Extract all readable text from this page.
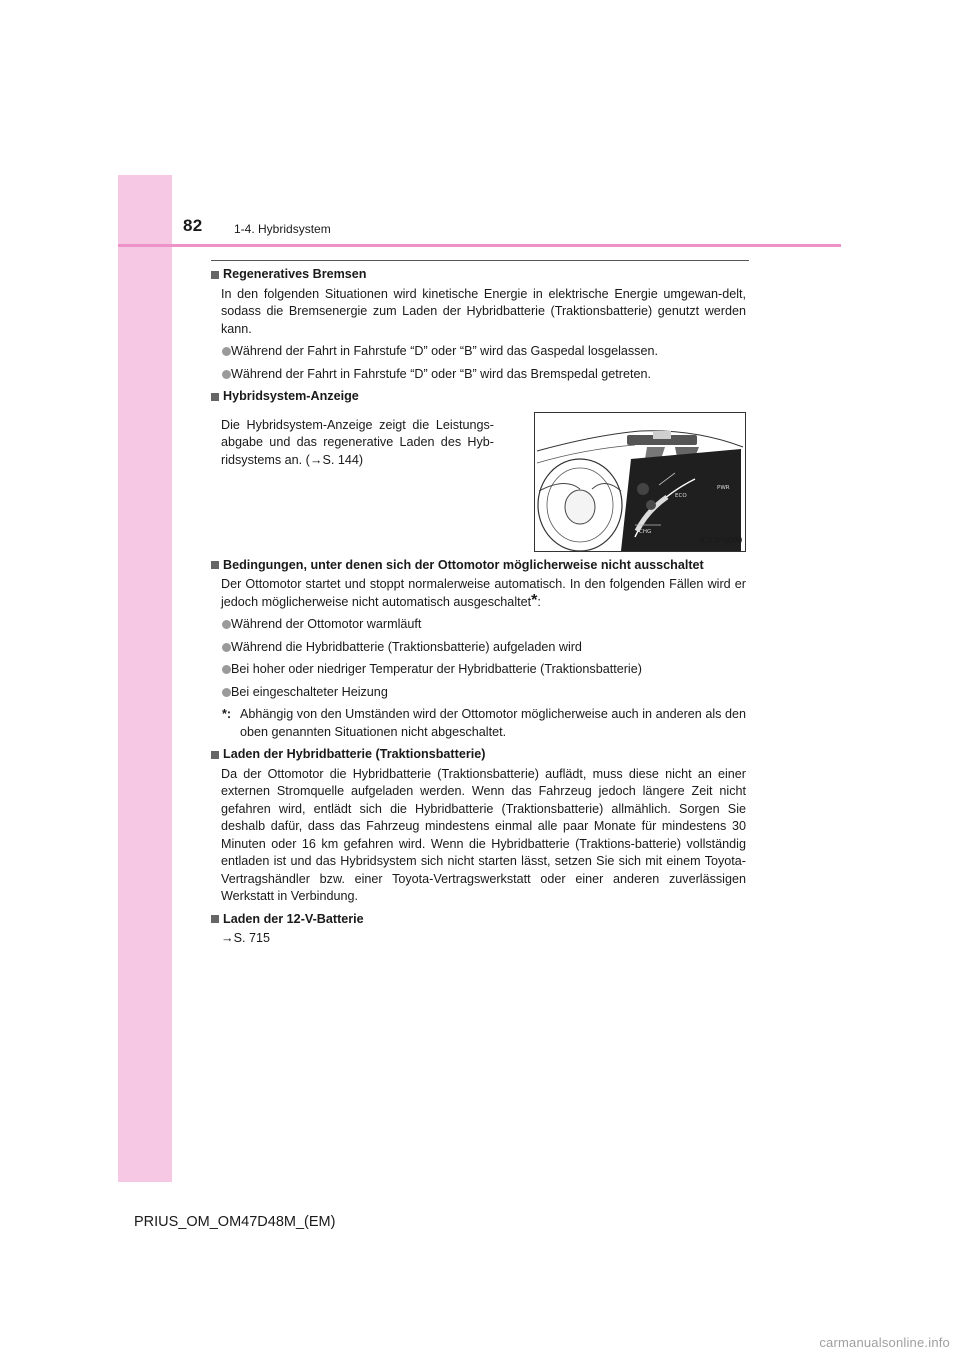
82	1-4. Hybridsystem
Regeneratives Bremsen
In den folgenden Situationen wird kinetische Energie in elektrische Energie umgewan-delt, sodass die Bremsenergie zum Laden der Hybridbatterie (Traktionsbatterie) genutzt werden kann.
Während der Fahrt in Fahrstufe “D” oder “B” wird das Gaspedal losgelassen.
Während der Fahrt in Fahrstufe “D” oder “B” wird das Bremspedal getreten.
Hybridsystem-Anzeige
Die Hybridsystem-Anzeige zeigt die Leistungs-abgabe und das regenerative Laden des Hyb-ridsystems an. (→S. 144)
ECO
PWR
CHG
IO13PS009
Bedingungen, unter denen sich der Ottomotor möglicherweise nicht ausschaltet
Der Ottomotor startet und stoppt normalerweise automatisch. In den folgenden Fällen wird er jedoch möglicherweise nicht automatisch ausgeschaltet*:
Während der Ottomotor warmläuft
Während die Hybridbatterie (Traktionsbatterie) aufgeladen wird
Bei hoher oder niedriger Temperatur der Hybridbatterie (Traktionsbatterie)
Bei eingeschalteter Heizung
*: Abhängig von den Umständen wird der Ottomotor möglicherweise auch in anderen als den oben genannten Situationen nicht abgeschaltet.
Laden der Hybridbatterie (Traktionsbatterie)
Da der Ottomotor die Hybridbatterie (Traktionsbatterie) auflädt, muss diese nicht an einer externen Stromquelle aufgeladen werden. Wenn das Fahrzeug jedoch längere Zeit nicht gefahren wird, entlädt sich die Hybridbatterie (Traktionsbatterie) allmählich. Sorgen Sie deshalb dafür, dass das Fahrzeug mindestens einmal alle paar Monate für mindestens 30 Minuten oder 16 km gefahren wird. Wenn die Hybridbatterie (Traktions-batterie) vollständig entladen ist und das Hybridsystem sich nicht starten lässt, setzen Sie sich mit einem Toyota-Vertragshändler bzw. einer Toyota-Vertragswerkstatt oder einer anderen zuverlässigen Werkstatt in Verbindung.
Laden der 12-V-Batterie
→S. 715
PRIUS_OM_OM47D48M_(EM)
carmanualsonline.info
